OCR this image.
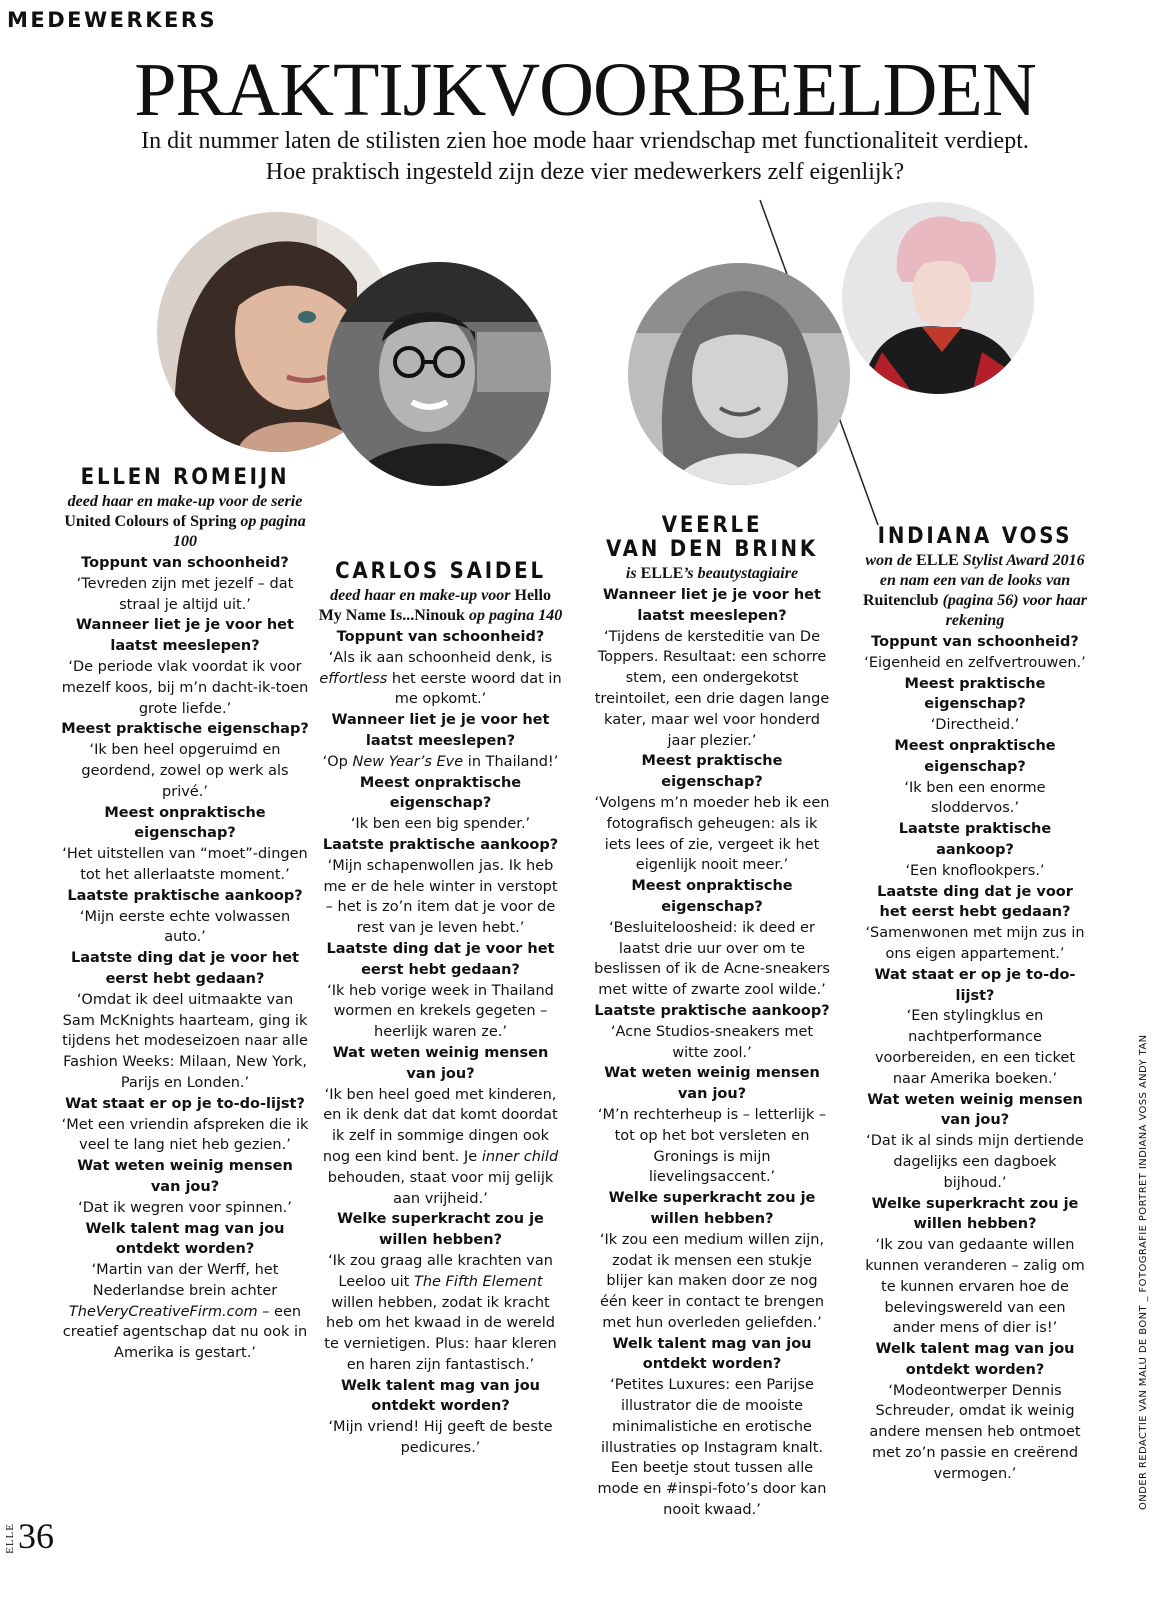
MEDEWERKERS
PRAKTIJKVOORBEELDEN
In dit nummer laten de stilisten zien hoe mode haar vriendschap met functionaliteit verdiept.
Hoe praktisch ingesteld zijn deze vier medewerkers zelf eigenlijk?
ELLEN ROMEIJN
deed haar en make-up voor de serie United Colours of Spring op pagina 100
Toppunt van schoonheid?
‘Tevreden zijn met jezelf – dat straal je altijd uit.’
Wanneer liet je je voor het laatst meeslepen?
‘De periode vlak voordat ik voor mezelf koos, bij m’n dacht-ik-toen grote liefde.’
Meest praktische eigenschap?
‘Ik ben heel opgeruimd en geordend, zowel op werk als privé.’
Meest onpraktische eigenschap?
‘Het uitstellen van “moet”-dingen tot het allerlaatste moment.’
Laatste praktische aankoop?
‘Mijn eerste echte volwassen auto.’
Laatste ding dat je voor het eerst hebt gedaan?
‘Omdat ik deel uitmaakte van Sam McKnights haarteam, ging ik tijdens het modeseizoen naar alle Fashion Weeks: Milaan, New York, Parijs en Londen.’
Wat staat er op je to-do-lijst?
‘Met een vriendin afspreken die ik veel te lang niet heb gezien.’
Wat weten weinig mensen van jou?
‘Dat ik wegren voor spinnen.’
Welk talent mag van jou ontdekt worden?
‘Martin van der Werff, het Nederlandse brein achter TheVeryCreativeFirm.com – een creatief agentschap dat nu ook in Amerika is gestart.’
CARLOS SAIDEL
deed haar en make-up voor Hello My Name Is...Ninouk op pagina 140
Toppunt van schoonheid?
‘Als ik aan schoonheid denk, is effortless het eerste woord dat in me opkomt.’
Wanneer liet je je voor het laatst meeslepen?
‘Op New Year’s Eve in Thailand!’
Meest onpraktische eigenschap?
‘Ik ben een big spender.’
Laatste praktische aankoop?
‘Mijn schapenwollen jas. Ik heb me er de hele winter in verstopt – het is zo’n item dat je voor de rest van je leven hebt.’
Laatste ding dat je voor het eerst hebt gedaan?
‘Ik heb vorige week in Thailand wormen en krekels gegeten – heerlijk waren ze.’
Wat weten weinig mensen van jou?
‘Ik ben heel goed met kinderen, en ik denk dat dat komt doordat ik zelf in sommige dingen ook nog een kind bent. Je inner child behouden, staat voor mij gelijk aan vrijheid.’
Welke superkracht zou je willen hebben?
‘Ik zou graag alle krachten van Leeloo uit The Fifth Element willen hebben, zodat ik kracht heb om het kwaad in de wereld te vernietigen. Plus: haar kleren en haren zijn fantastisch.’
Welk talent mag van jou ontdekt worden?
‘Mijn vriend! Hij geeft de beste pedicures.’
VEERLE
VAN DEN BRINK
is ELLE’s beautystagiaire
Wanneer liet je je voor het laatst meeslepen?
‘Tijdens de kersteditie van De Toppers. Resultaat: een schorre stem, een ondergekotst treintoilet, een drie dagen lange kater, maar wel voor honderd jaar plezier.’
Meest praktische eigenschap?
‘Volgens m’n moeder heb ik een fotografisch geheugen: als ik iets lees of zie, vergeet ik het eigenlijk nooit meer.’
Meest onpraktische eigenschap?
‘Besluiteloosheid: ik deed er laatst drie uur over om te beslissen of ik de Acne-sneakers met witte of zwarte zool wilde.’
Laatste praktische aankoop?
‘Acne Studios-sneakers met witte zool.’
Wat weten weinig mensen van jou?
‘M’n rechterheup is – letterlijk – tot op het bot versleten en Gronings is mijn lievelingsaccent.’
Welke superkracht zou je willen hebben?
‘Ik zou een medium willen zijn, zodat ik mensen een stukje blijer kan maken door ze nog één keer in contact te brengen met hun overleden geliefden.’
Welk talent mag van jou ontdekt worden?
‘Petites Luxures: een Parijse illustrator die de mooiste minimalistiche en erotische illustraties op Instagram knalt. Een beetje stout tussen alle mode en #inspi-foto’s door kan nooit kwaad.’
INDIANA VOSS
won de ELLE Stylist Award 2016 en nam een van de looks van Ruitenclub (pagina 56) voor haar rekening
Toppunt van schoonheid?
‘Eigenheid en zelfvertrouwen.’
Meest praktische eigenschap?
‘Directheid.’
Meest onpraktische eigenschap?
‘Ik ben een enorme sloddervos.’
Laatste praktische aankoop?
‘Een knoflookpers.’
Laatste ding dat je voor het eerst hebt gedaan?
‘Samenwonen met mijn zus in ons eigen appartement.’
Wat staat er op je to-do-lijst?
‘Een stylingklus en nachtperformance voorbereiden, en een ticket naar Amerika boeken.’
Wat weten weinig mensen van jou?
‘Dat ik al sinds mijn dertiende dagelijks een dagboek bijhoud.’
Welke superkracht zou je willen hebben?
‘Ik zou van gedaante willen kunnen veranderen – zalig om te kunnen ervaren hoe de belevingswereld van een ander mens of dier is!’
Welk talent mag van jou ontdekt worden?
‘Modeontwerper Dennis Schreuder, omdat ik weinig andere mensen heb ontmoet met zo’n passie en creërend vermogen.’	ONDER REDACTIE VAN MALU DE BONT _ FOTOGRAFIE PORTRET INDIANA VOSS ANDY TAN
ELLE 36
